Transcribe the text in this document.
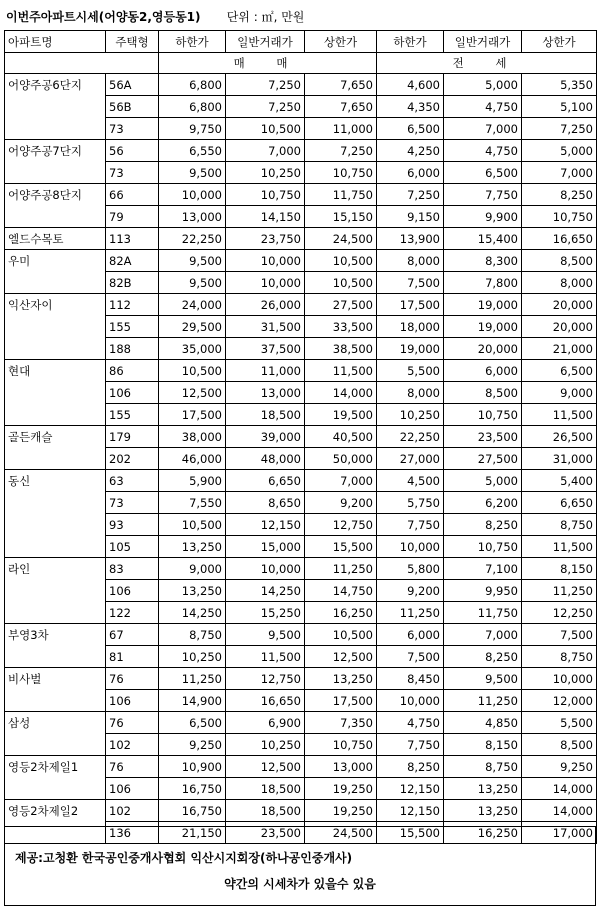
이번주아파트시세(어양동2,영등동1) 단위 : ㎡, 만원
아파트명	주택형	하한가	일반거래가	상한가	하한가	일반거래가	상한가
		매 매			전 세		
어양주공6단지	56A	6,800	7,250	7,650	4,600	5,000	5,350
	56B	6,800	7,250	7,650	4,350	4,750	5,100
	73	9,750	10,500	11,000	6,500	7,000	7,250
어양주공7단지	56	6,550	7,000	7,250	4,250	4,750	5,000
	73	9,500	10,250	10,750	6,000	6,500	7,000
어양주공8단지	66	10,000	10,750	11,750	7,250	7,750	8,250
	79	13,000	14,150	15,150	9,150	9,900	10,750
엘드수목토	113	22,250	23,750	24,500	13,900	15,400	16,650
우미	82A	9,500	10,000	10,500	8,000	8,300	8,500
	82B	9,500	10,000	10,500	7,500	7,800	8,000
익산자이	112	24,000	26,000	27,500	17,500	19,000	20,000
	155	29,500	31,500	33,500	18,000	19,000	20,000
	188	35,000	37,500	38,500	19,000	20,000	21,000
현대	86	10,500	11,000	11,500	5,500	6,000	6,500
	106	12,500	13,000	14,000	8,000	8,500	9,000
	155	17,500	18,500	19,500	10,250	10,750	11,500
골든캐슬	179	38,000	39,000	40,500	22,250	23,500	26,500
	202	46,000	48,000	50,000	27,000	27,500	31,000
동신	63	5,900	6,650	7,000	4,500	5,000	5,400
	73	7,550	8,650	9,200	5,750	6,200	6,650
	93	10,500	12,150	12,750	7,750	8,250	8,750
	105	13,250	15,000	15,500	10,000	10,750	11,500
라인	83	9,000	10,000	11,250	5,800	7,100	8,150
	106	13,250	14,250	14,750	9,200	9,950	11,250
	122	14,250	15,250	16,250	11,250	11,750	12,250
부영3차	67	8,750	9,500	10,500	6,000	7,000	7,500
	81	10,250	11,500	12,500	7,500	8,250	8,750
비사벌	76	11,250	12,750	13,250	8,450	9,500	10,000
	106	14,900	16,650	17,500	10,000	11,250	12,000
삼성	76	6,500	6,900	7,350	4,750	4,850	5,500
	102	9,250	10,250	10,750	7,750	8,150	8,500
영등2차제일1	76	10,900	12,500	13,000	8,250	8,750	9,250
	106	16,750	18,500	19,250	12,150	13,250	14,000
영등2차제일2	102	16,750	18,500	19,250	12,150	13,250	14,000
	136	21,150	23,500	24,500	15,500	16,250	17,000
제공:고청환 한국공인중개사협회 익산시지회장(하나공인중개사)
약간의 시세차가 있을수 있음
